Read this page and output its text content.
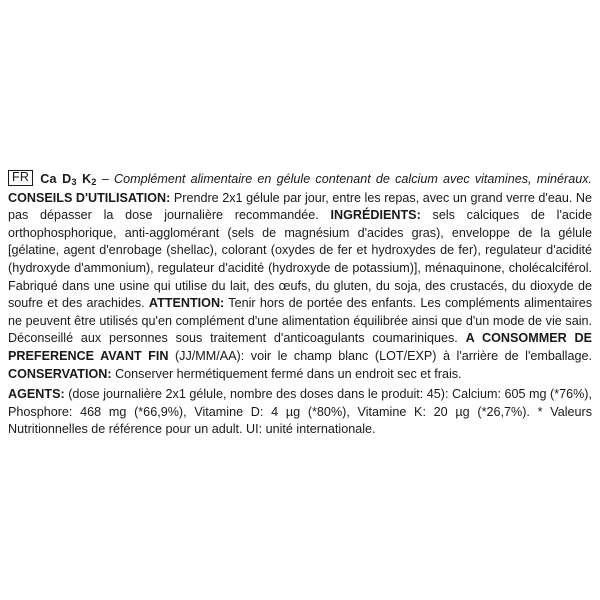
FR Ca $D_3$ $K_2$ – Complément alimentaire en gélule contenant de calcium avec vitamines, minéraux. CONSEILS D'UTILISATION: Prendre 2x1 gélule par jour, entre les repas, avec un grand verre d'eau. Ne pas dépasser la dose journalière recommandée. INGRÉDIENTS: sels calciques de l'acide orthophosphorique, anti-agglomérant (sels de magnésium d'acides gras), enveloppe de la gélule [gélatine, agent d'enrobage (shellac), colorant (oxydes de fer et hydroxydes de fer), regulateur d'acidité (hydroxyde d'ammonium), regulateur d'acidité (hydroxyde de potassium)], ménaquinone, cholécalciférol. Fabriqué dans une usine qui utilise du lait, des œufs, du gluten, du soja, des crustacés, du dioxyde de soufre et des arachides. ATTENTION: Tenir hors de portée des enfants. Les compléments alimentaires ne peuvent être utilisés qu'en complément d'une alimentation équilibrée ainsi que d'un mode de vie sain. Déconseillé aux personnes sous traitement d'anticoagulants coumariniques. A CONSOMMER DE PREFERENCE AVANT FIN (JJ/MM/AA): voir le champ blanc (LOT/EXP) à l'arrière de l'emballage. CONSERVATION: Conserver hermétiquement fermé dans un endroit sec et frais.

AGENTS: (dose journalière 2x1 gélule, nombre des doses dans le produit: 45): Calcium: 605 mg (*76%), Phosphore: 468 mg (*66,9%), Vitamine D: 4 µg (*80%), Vitamine K: 20 µg (*26,7%). * Valeurs Nutritionnelles de référence pour un adult. UI: unité internationale.
